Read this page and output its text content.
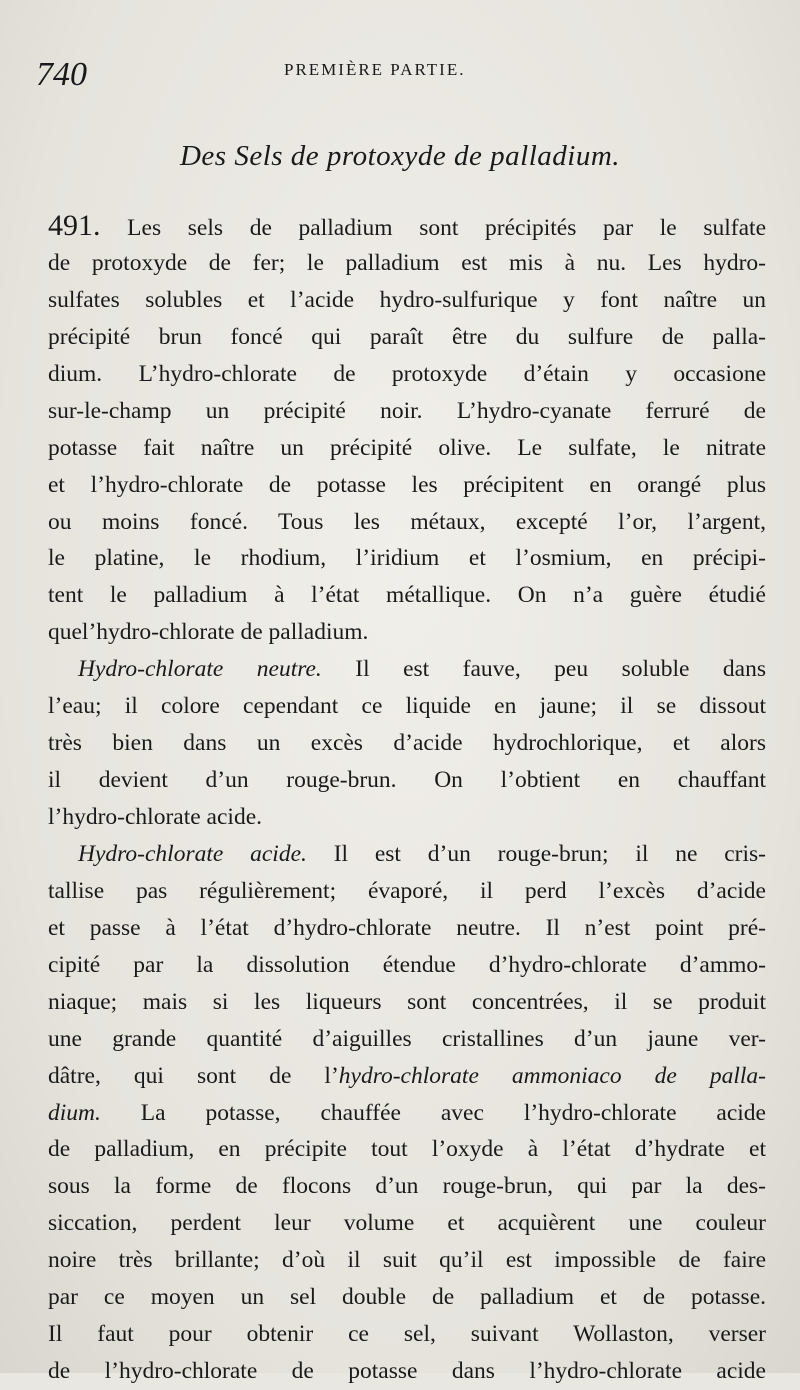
740	PREMIÈRE PARTIE.
Des Sels de protoxyde de palladium.
491. Les sels de palladium sont précipités par le sulfate
de protoxyde de fer; le palladium est mis à nu. Les hydro-
sulfates solubles et l’acide hydro-sulfurique y font naître un
précipité brun foncé qui paraît être du sulfure de palla-
dium. L’hydro-chlorate de protoxyde d’étain y occasione
sur-le-champ un précipité noir. L’hydro-cyanate ferruré de
potasse fait naître un précipité olive. Le sulfate, le nitrate
et l’hydro-chlorate de potasse les précipitent en orangé plus
ou moins foncé. Tous les métaux, excepté l’or, l’argent,
le platine, le rhodium, l’iridium et l’osmium, en précipi-
tent le palladium à l’état métallique. On n’a guère étudié
quel’hydro-chlorate de palladium.
Hydro-chlorate neutre. Il est fauve, peu soluble dans
l’eau; il colore cependant ce liquide en jaune; il se dissout
très bien dans un excès d’acide hydrochlorique, et alors
il devient d’un rouge-brun. On l’obtient en chauffant
l’hydro-chlorate acide.
Hydro-chlorate acide. Il est d’un rouge-brun; il ne cris-
tallise pas régulièrement; évaporé, il perd l’excès d’acide
et passe à l’état d’hydro-chlorate neutre. Il n’est point pré-
cipité par la dissolution étendue d’hydro-chlorate d’ammo-
niaque; mais si les liqueurs sont concentrées, il se produit
une grande quantité d’aiguilles cristallines d’un jaune ver-
dâtre, qui sont de l’hydro-chlorate ammoniaco de palla-
dium. La potasse, chauffée avec l’hydro-chlorate acide
de palladium, en précipite tout l’oxyde à l’état d’hydrate et
sous la forme de flocons d’un rouge-brun, qui par la des-
siccation, perdent leur volume et acquièrent une couleur
noire très brillante; d’où il suit qu’il est impossible de faire
par ce moyen un sel double de palladium et de potasse.
Il faut pour obtenir ce sel, suivant Wollaston, verser
de l’hydro-chlorate de potasse dans l’hydro-chlorate acide
